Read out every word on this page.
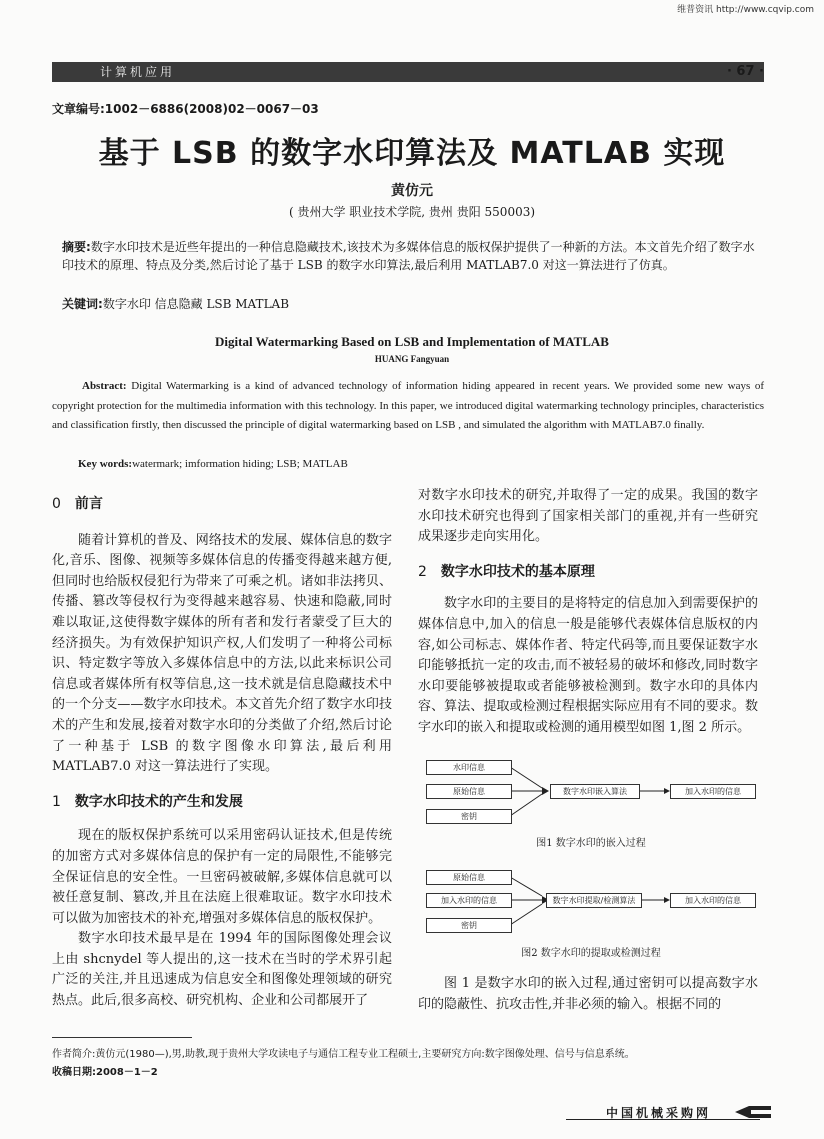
维普资讯 http://www.cqvip.com
计算机应用	· 67 ·
文章编号:1002－6886(2008)02－0067－03
基于 LSB 的数字水印算法及 MATLAB 实现
黄仿元
( 贵州大学 职业技术学院, 贵州 贵阳 550003)
摘要:数字水印技术是近些年提出的一种信息隐藏技术,该技术为多媒体信息的版权保护提供了一种新的方法。本文首先介绍了数字水印技术的原理、特点及分类,然后讨论了基于 LSB 的数字水印算法,最后利用 MATLAB7.0 对这一算法进行了仿真。
关键词:数字水印 信息隐藏 LSB MATLAB
Digital Watermarking Based on LSB and Implementation of MATLAB
HUANG Fangyuan
Abstract: Digital Watermarking is a kind of advanced technology of information hiding appeared in recent years. We provided some new ways of copyright protection for the multimedia information with this technology. In this paper, we introduced digital watermarking technology principles, characteristics and classification firstly, then discussed the principle of digital watermarking based on LSB , and simulated the algorithm with MATLAB7.0 finally.
Key words:watermark; imformation hiding; LSB; MATLAB
0 前言
随着计算机的普及、网络技术的发展、媒体信息的数字化,音乐、图像、视频等多媒体信息的传播变得越来越方便,但同时也给版权侵犯行为带来了可乘之机。诸如非法拷贝、传播、篡改等侵权行为变得越来越容易、快速和隐蔽,同时难以取证,这使得数字媒体的所有者和发行者蒙受了巨大的经济损失。为有效保护知识产权,人们发明了一种将公司标识、特定数字等放入多媒体信息中的方法,以此来标识公司信息或者媒体所有权等信息,这一技术就是信息隐藏技术中的一个分支——数字水印技术。本文首先介绍了数字水印技术的产生和发展,接着对数字水印的分类做了介绍,然后讨论了一种基于 LSB 的数字图像水印算法,最后利用 MATLAB7.0 对这一算法进行了实现。
1 数字水印技术的产生和发展
现在的版权保护系统可以采用密码认证技术,但是传统的加密方式对多媒体信息的保护有一定的局限性,不能够完全保证信息的安全性。一旦密码被破解,多媒体信息就可以被任意复制、篡改,并且在法庭上很难取证。数字水印技术可以做为加密技术的补充,增强对多媒体信息的版权保护。
数字水印技术最早是在 1994 年的国际图像处理会议上由 shcnydel 等人提出的,这一技术在当时的学术界引起广泛的关注,并且迅速成为信息安全和图像处理领域的研究热点。此后,很多高校、研究机构、企业和公司都展开了
对数字水印技术的研究,并取得了一定的成果。我国的数字水印技术研究也得到了国家相关部门的重视,并有一些研究成果逐步走向实用化。
2 数字水印技术的基本原理
数字水印的主要目的是将特定的信息加入到需要保护的媒体信息中,加入的信息一般是能够代表媒体信息版权的内容,如公司标志、媒体作者、特定代码等,而且要保证数字水印能够抵抗一定的攻击,而不被轻易的破坏和修改,同时数字水印要能够被提取或者能够被检测到。数字水印的具体内容、算法、提取或检测过程根据实际应用有不同的要求。数字水印的嵌入和提取或检测的通用模型如图 1,图 2 所示。
水印信息
原始信息
密钥
数字水印嵌入算法	加入水印的信息
图1 数字水印的嵌入过程
原始信息
加入水印的信息
密钥
数字水印提取/检测算法	加入水印的信息
图2 数字水印的提取或检测过程
图 1 是数字水印的嵌入过程,通过密钥可以提高数字水印的隐蔽性、抗攻击性,并非必须的输入。根据不同的
作者简介:黄仿元(1980—),男,助教,现于贵州大学攻读电子与通信工程专业工程硕士,主要研究方向:数字图像处理、信号与信息系统。
收稿日期:2008－1－2
中国机械采购网
